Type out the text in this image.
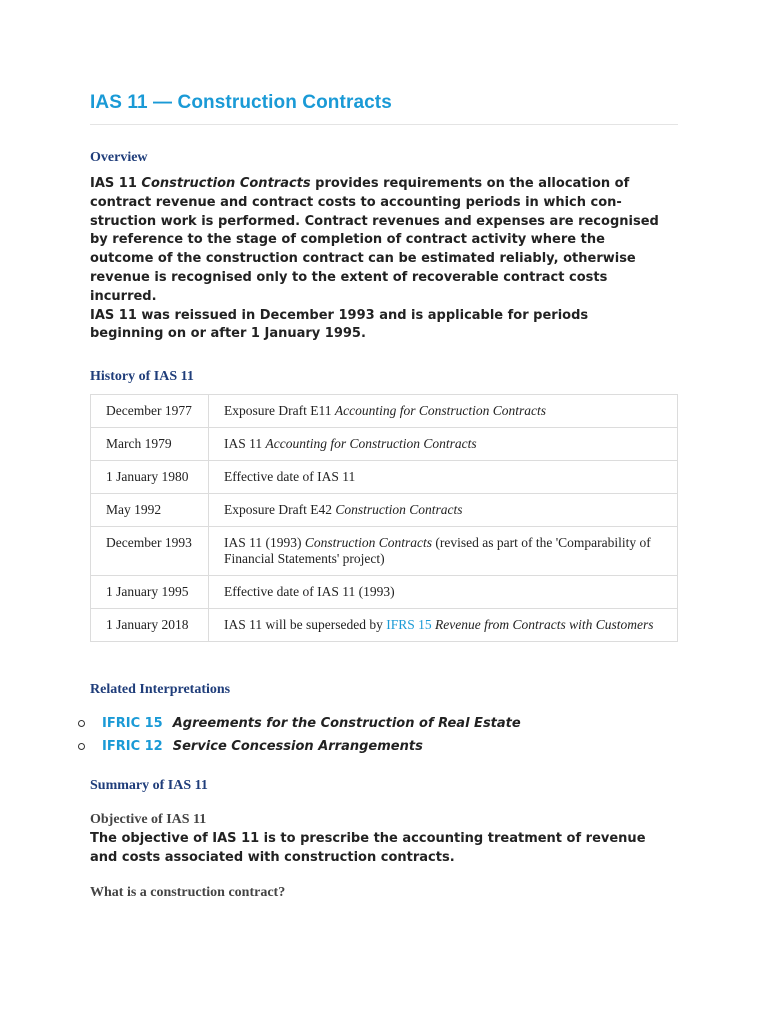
IAS 11 — Construction Contracts
Overview
IAS 11 Construction Contracts provides requirements on the allocation of
contract revenue and contract costs to accounting periods in which con-
struction work is performed. Contract revenues and expenses are recognised
by reference to the stage of completion of contract activity where the
outcome of the construction contract can be estimated reliably, otherwise
revenue is recognised only to the extent of recoverable contract costs
incurred.
IAS 11 was reissued in December 1993 and is applicable for periods
beginning on or after 1 January 1995.
History of IAS 11
December 1977	Exposure Draft E11 Accounting for Construction Contracts
March 1979	IAS 11 Accounting for Construction Contracts
1 January 1980	Effective date of IAS 11
May 1992	Exposure Draft E42 Construction Contracts
December 1993	IAS 11 (1993) Construction Contracts (revised as part of the 'Comparability of Financial Statements' project)
1 January 1995	Effective date of IAS 11 (1993)
1 January 2018	IAS 11 will be superseded by IFRS 15 Revenue from Contracts with Customers
Related Interpretations
IFRIC 15 Agreements for the Construction of Real Estate
IFRIC 12 Service Concession Arrangements
Summary of IAS 11
Objective of IAS 11
The objective of IAS 11 is to prescribe the accounting treatment of revenue
and costs associated with construction contracts.
What is a construction contract?
